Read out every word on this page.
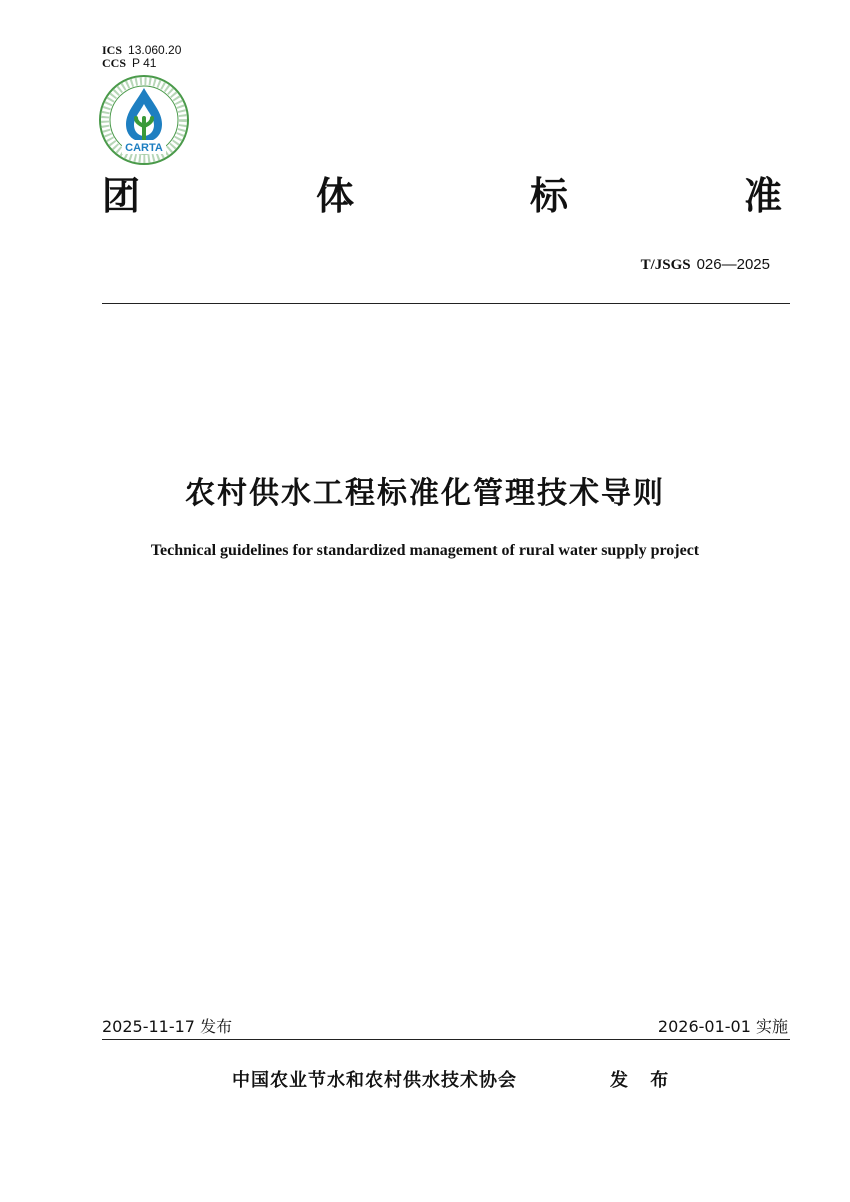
ICS 13.060.20
CCS P 41
CARTA
团	体	标	准
T/JSGS 026—2025
农村供水工程标准化管理技术导则
Technical guidelines for standardized management of rural water supply project
2025-11-17 发布	2026-01-01 实施
中国农业节水和农村供水技术协会	发 布
